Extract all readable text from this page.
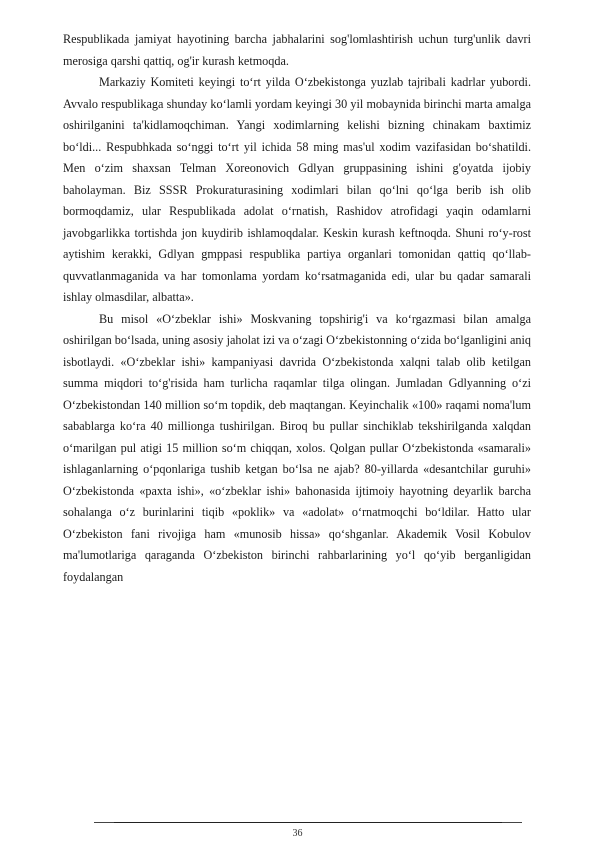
Respublikada jamiyat hayotining barcha jabhalarini sog'lomlashtirish uchun turg'unlik davri merosiga qarshi qattiq, og'ir kurash ketmoqda.

Markaziy Komiteti keyingi to‘rt yilda O‘zbekistonga yuzlab tajribali kadrlar yubordi. Avvalo respublikaga shunday ko‘lamli yordam keyingi 30 yil mobaynida birinchi marta amalga oshirilganini ta'kidlamoqchiman. Yangi xodimlarning kelishi bizning chinakam baxtimiz bo‘ldi... Respubhkada so‘nggi to‘rt yil ichida 58 ming mas'ul xodim vazifasidan bo‘shatildi. Men o‘zim shaxsan Telman Xoreonovich Gdlyan gruppasining ishini g'oyatda ijobiy baholayman. Biz SSSR Prokuraturasining xodimlari bilan qo‘lni qo‘lga berib ish olib bormoqdamiz, ular Respublikada adolat o‘rnatish, Rashidov atrofidagi yaqin odamlarni javobgarlikka tortishda jon kuydirib ishlamoqdalar. Keskin kurash keftnoqda. Shuni ro‘y-rost aytishim kerakki, Gdlyan gmppasi respublika partiya organlari tomonidan qattiq qo‘llab-quvvatlanmaganida va har tomonlama yordam ko‘rsatmaganida edi, ular bu qadar samarali ishlay olmasdilar, albatta».

Bu misol «O‘zbeklar ishi» Moskvaning topshirig'i va ko‘rgazmasi bilan amalga oshirilgan bo‘lsada, uning asosiy jaholat izi va o‘zagi O‘zbekistonning o‘zida bo‘lganligini aniq isbotlaydi. «O‘zbeklar ishi» kampaniyasi davrida O‘zbekistonda xalqni talab olib ketilgan summa miqdori to‘g'risida ham turlicha raqamlar tilga olingan. Jumladan Gdlyanning o‘zi O‘zbekistondan 140 million so‘m topdik, deb maqtangan. Keyinchalik «100» raqami noma'lum sabablarga ko‘ra 40 millionga tushirilgan. Biroq bu pullar sinchiklab tekshirilganda xalqdan o‘marilgan pul atigi 15 million so‘m chiqqan, xolos. Qolgan pullar O‘zbekistonda «samarali» ishlaganlarning o‘pqonlariga tushib ketgan bo‘lsa ne ajab? 80-yillarda «desantchilar guruhi» O‘zbekistonda «paxta ishi», «o‘zbeklar ishi» bahonasida ijtimoiy hayotning deyarlik barcha sohalanga o‘z burinlarini tiqib «poklik» va «adolat» o‘rnatmoqchi bo‘ldilar. Hatto ular O‘zbekiston fani rivojiga ham «munosib hissa» qo‘shganlar. Akademik Vosil Kobulov ma'lumotlariga qaraganda O‘zbekiston birinchi rahbarlarining yo‘l qo‘yib berganligidan foydalangan

36
